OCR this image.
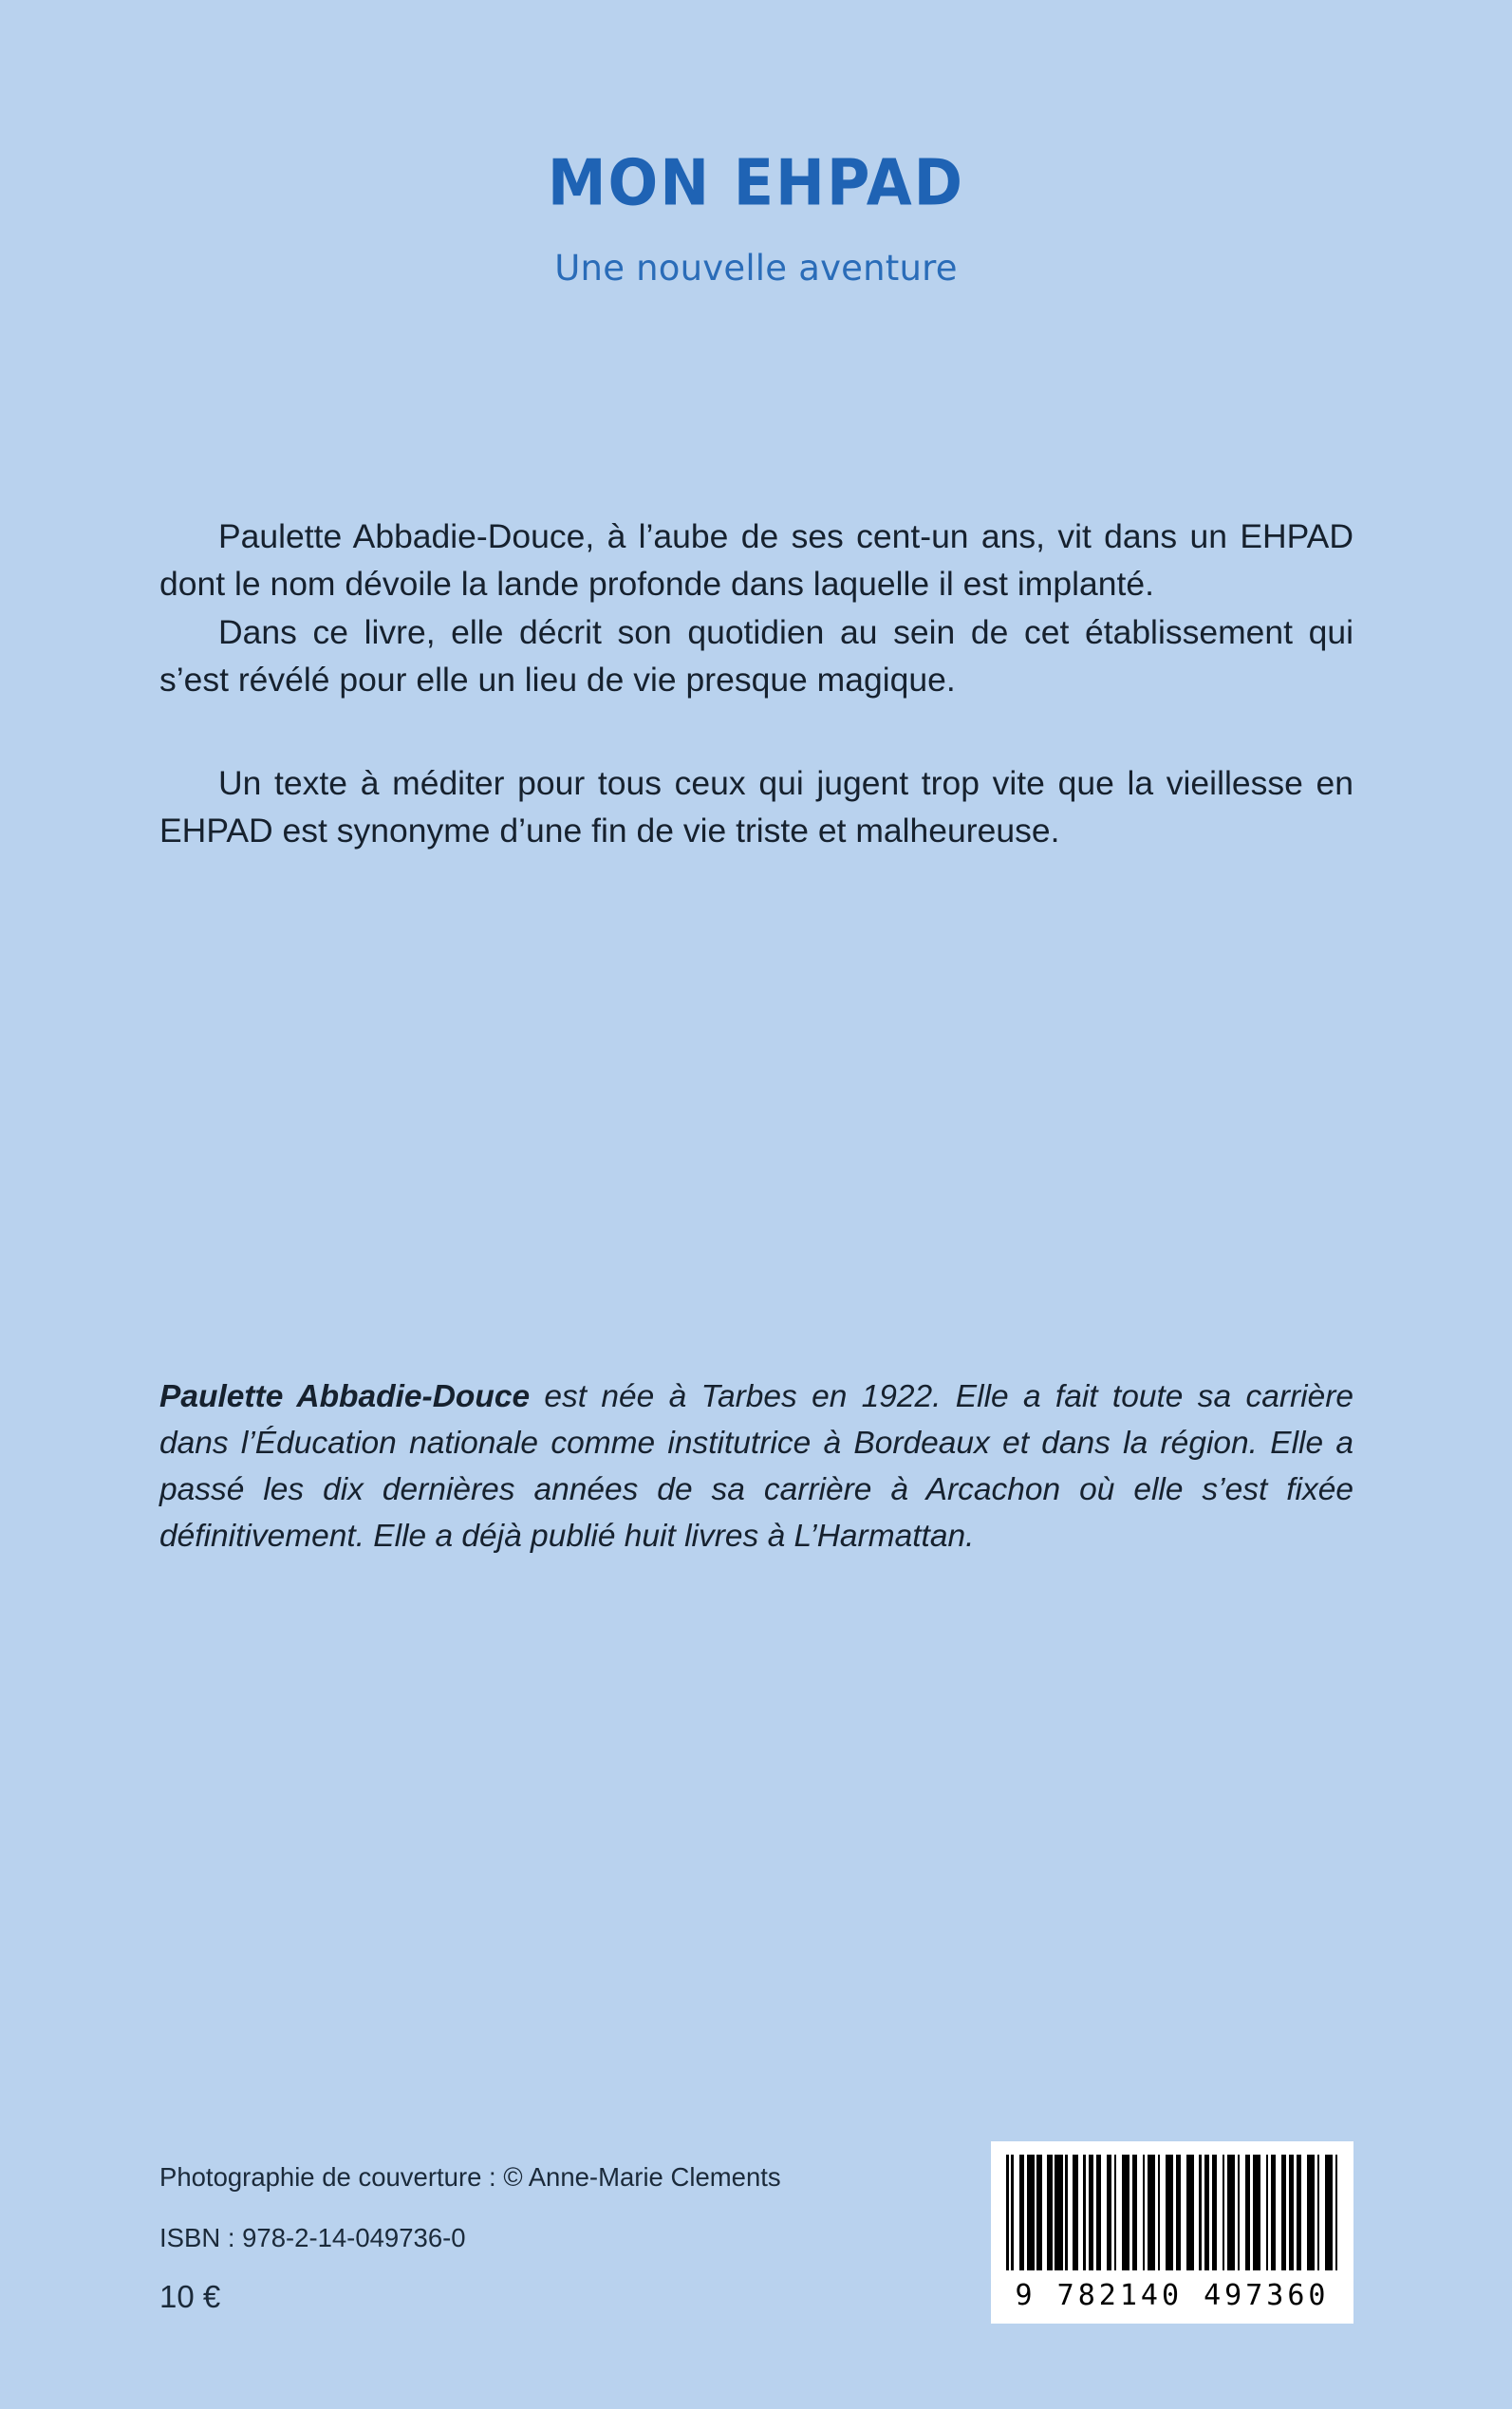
MON EHPAD
Une nouvelle aventure

Paulette Abbadie-Douce, à l’aube de ses cent-un ans, vit dans un EHPAD dont le nom dévoile la lande profonde dans laquelle il est implanté.

Dans ce livre, elle décrit son quotidien au sein de cet établissement qui s’est révélé pour elle un lieu de vie presque magique.

Un texte à méditer pour tous ceux qui jugent trop vite que la vieillesse en EHPAD est synonyme d’une fin de vie triste et malheureuse.

Paulette Abbadie-Douce est née à Tarbes en 1922. Elle a fait toute sa carrière dans l’Éducation nationale comme institutrice à Bordeaux et dans la région. Elle a passé les dix dernières années de sa carrière à Arcachon où elle s’est fixée définitivement. Elle a déjà publié huit livres à L’Harmattan.
Photographie de couverture : © Anne-Marie Clements
ISBN : 978-2-14-049736-0
10 €	9 782140 497360
